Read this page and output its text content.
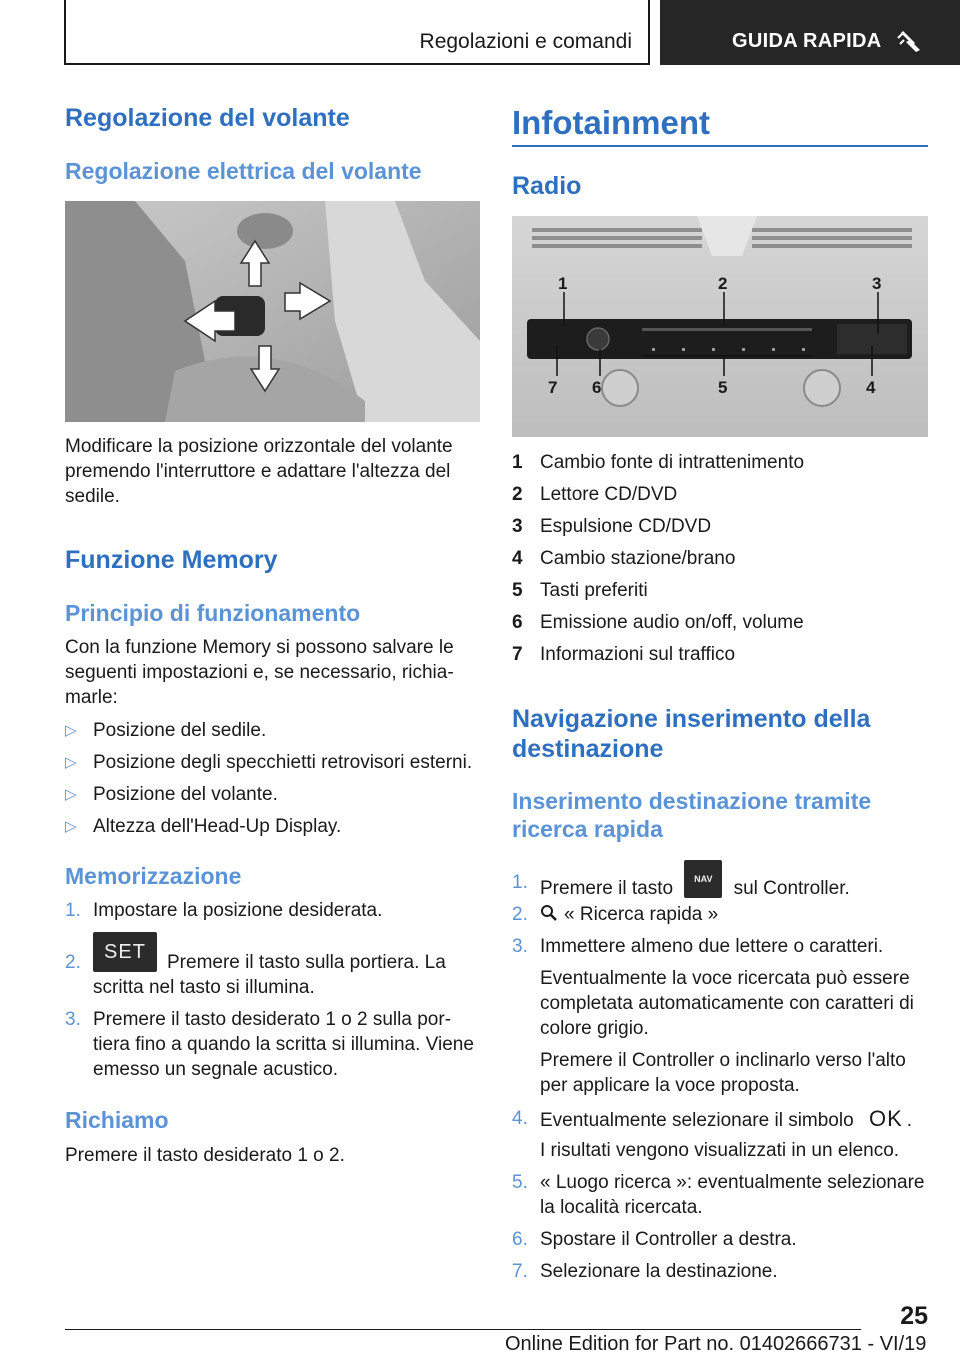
Regolazioni e comandi	GUIDA RAPIDA
Regolazione del volante
Regolazione elettrica del volante
Modificare la posizione orizzontale del volante premendo l'interruttore e adattare l'altezza del sedile.
Funzione Memory
Principio di funzionamento
Con la funzione Memory si possono salvare le seguenti impostazioni e, se necessario, richiamarle:
▷ Posizione del sedile.
▷ Posizione degli specchietti retrovisori esterni.
▷ Posizione del volante.
▷ Altezza dell'Head-Up Display.
Memorizzazione
1. Impostare la posizione desiderata.
2.	SET	Premere il tasto sulla portiera. La scritta nel tasto si illumina.
3. Premere il tasto desiderato 1 o 2 sulla portiera fino a quando la scritta si illumina. Viene emesso un segnale acustico.
Richiamo
Premere il tasto desiderato 1 o 2.
Infotainment
Radio
1	2	3
7 6	5	4
1 Cambio fonte di intrattenimento
2 Lettore CD/DVD
3 Espulsione CD/DVD
4 Cambio stazione/brano
5 Tasti preferiti
6 Emissione audio on/off, volume
7 Informazioni sul traffico
Navigazione inserimento della destinazione
Inserimento destinazione tramite ricerca rapida
1. Premere il tasto NAV sul Controller.
2.	« Ricerca rapida »
3. Immettere almeno due lettere o caratteri.
Eventualmente la voce ricercata può essere completata automaticamente con caratteri di colore grigio.
Premere il Controller o inclinarlo verso l'alto per applicare la voce proposta.
4. Eventualmente selezionare il simbolo OK .
I risultati vengono visualizzati in un elenco.
5. « Luogo ricerca »: eventualmente selezionare la località ricercata.
6. Spostare il Controller a destra.
7. Selezionare la destinazione.
25
Online Edition for Part no. 01402666731 - VI/19
